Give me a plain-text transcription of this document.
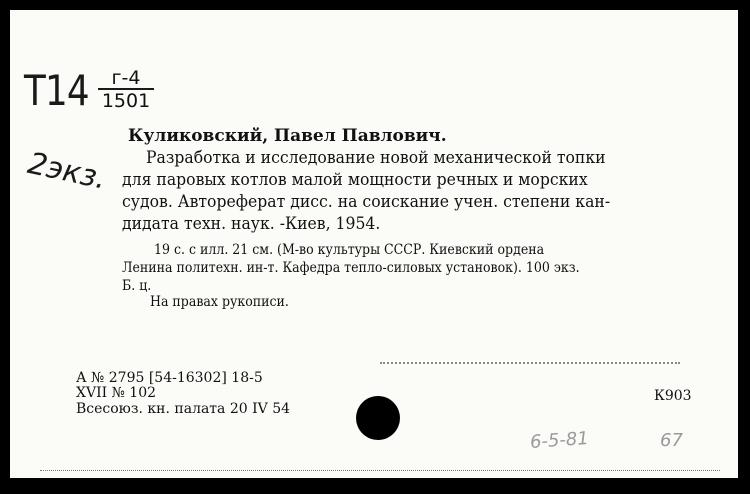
Т14	г-4
1501
2экз.
Куликовский, Павел Павлович.
Разработка и исследование новой механической топки
для паровых котлов малой мощности речных и морских
судов. Автореферат дисс. на соискание учен. степени кан-
дидата техн. наук. -Киев, 1954.
19 с. с илл. 21 см. (М-во культуры СССР. Киевский ордена
Ленина политехн. ин-т. Кафедра тепло-силовых установок). 100 экз.
Б. ц.
На правах рукописи.
А № 2795 [54-16302] 18-5
XVII № 102
Всесоюз. кн. палата 20 IV 54
К903
6-5-81	67
